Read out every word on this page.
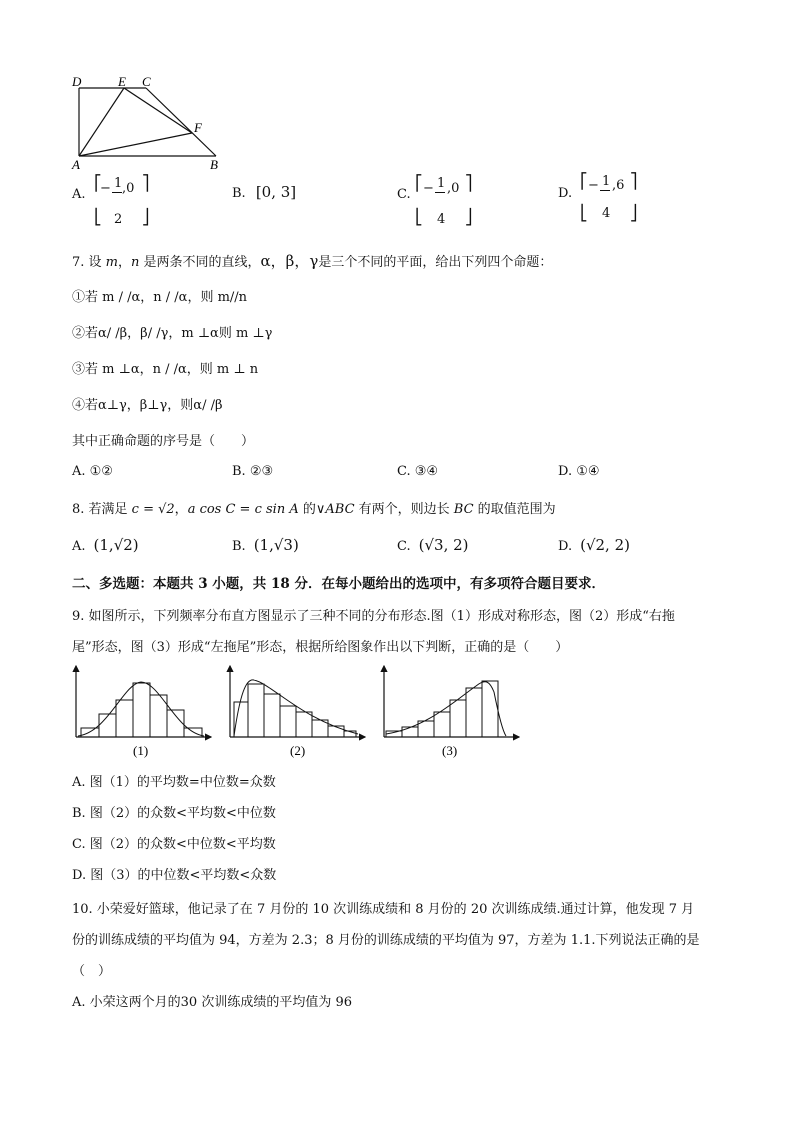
D	E C
F
A	B
A.
⎡
⎣
− 1
2
,0 ⎤
⎦
B. [0, 3]	C.
⎡
⎣
− 1
4
,0 ⎤
⎦
D.
⎡
⎣
− 1
4
,6 ⎤
⎦
7. 设 m，n 是两条不同的直线，α，β，γ是三个不同的平面，给出下列四个命题：
①若 m / /α，n / /α，则 m//n
②若α/ /β，β/ /γ，m ⊥α则 m ⊥γ
③若 m ⊥α，n / /α，则 m ⊥ n
④若α⊥γ，β⊥γ，则α/ /β
其中正确命题的序号是（　　）
A. ①②	B. ②③	C. ③④	D. ①④
8. 若满足 c = √2，a cos C = c sin A 的∨ABC 有两个，则边长 BC 的取值范围为
A. (1,√2)	B. (1,√3)	C. (√3, 2)	D. (√2, 2)
二、多选题：本题共 3 小题，共 18 分．在每小题给出的选项中，有多项符合题目要求．
9. 如图所示，下列频率分布直方图显示了三种不同的分布形态.图（1）形成对称形态，图（2）形成“右拖
尾”形态，图（3）形成“左拖尾”形态，根据所给图象作出以下判断，正确的是（　　）
(1)	(2)	(3)
A. 图（1）的平均数=中位数=众数
B. 图（2）的众数<平均数<中位数
C. 图（2）的众数<中位数<平均数
D. 图（3）的中位数<平均数<众数
10. 小荣爱好篮球，他记录了在 7 月份的 10 次训练成绩和 8 月份的 20 次训练成绩.通过计算，他发现 7 月
份的训练成绩的平均值为 94，方差为 2.3；8 月份的训练成绩的平均值为 97，方差为 1.1.下列说法正确的是
（　）
A. 小荣这两个月的30 次训练成绩的平均值为 96
